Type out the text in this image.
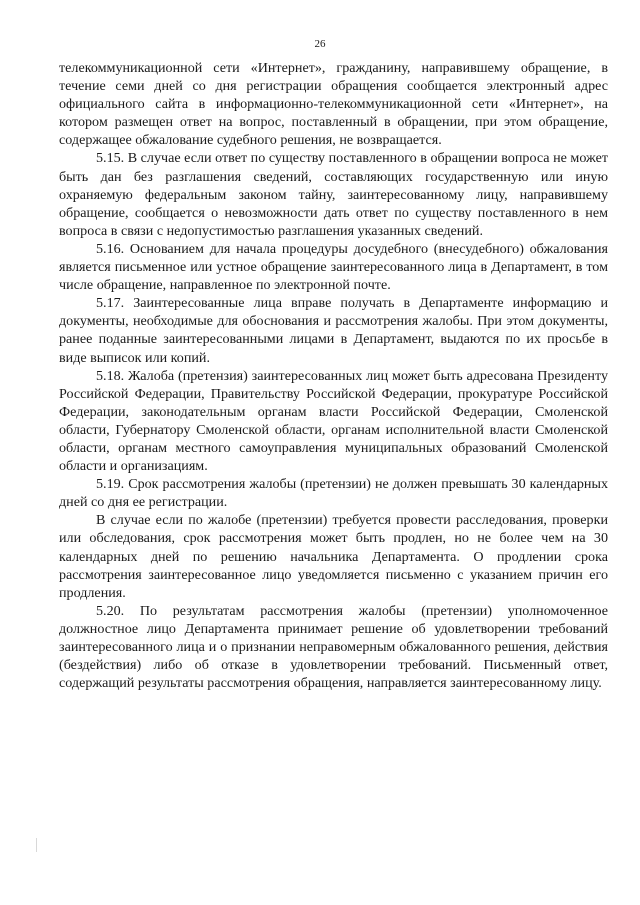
26

телекоммуникационной сети «Интернет», гражданину, направившему обращение, в течение семи дней со дня регистрации обращения сообщается электронный адрес официального сайта в информационно-телекоммуникационной сети «Интернет», на котором размещен ответ на вопрос, поставленный в обращении, при этом обращение, содержащее обжалование судебного решения, не возвращается.

5.15. В случае если ответ по существу поставленного в обращении вопроса не может быть дан без разглашения сведений, составляющих государственную или иную охраняемую федеральным законом тайну, заинтересованному лицу, направившему обращение, сообщается о невозможности дать ответ по существу поставленного в нем вопроса в связи с недопустимостью разглашения указанных сведений.

5.16. Основанием для начала процедуры досудебного (внесудебного) обжалования является письменное или устное обращение заинтересованного лица в Департамент, в том числе обращение, направленное по электронной почте.

5.17. Заинтересованные лица вправе получать в Департаменте информацию и документы, необходимые для обоснования и рассмотрения жалобы. При этом документы, ранее поданные заинтересованными лицами в Департамент, выдаются по их просьбе в виде выписок или копий.

5.18. Жалоба (претензия) заинтересованных лиц может быть адресована Президенту Российской Федерации, Правительству Российской Федерации, прокуратуре Российской Федерации, законодательным органам власти Российской Федерации, Смоленской области, Губернатору Смоленской области, органам исполнительной власти Смоленской области, органам местного самоуправления муниципальных образований Смоленской области и организациям.

5.19. Срок рассмотрения жалобы (претензии) не должен превышать 30 календарных дней со дня ее регистрации.

В случае если по жалобе (претензии) требуется провести расследования, проверки или обследования, срок рассмотрения может быть продлен, но не более чем на 30 календарных дней по решению начальника Департамента. О продлении срока рассмотрения заинтересованное лицо уведомляется письменно с указанием причин его продления.

5.20. По результатам рассмотрения жалобы (претензии) уполномоченное должностное лицо Департамента принимает решение об удовлетворении требований заинтересованного лица и о признании неправомерным обжалованного решения, действия (бездействия) либо об отказе в удовлетворении требований. Письменный ответ, содержащий результаты рассмотрения обращения, направляется заинтересованному лицу.
